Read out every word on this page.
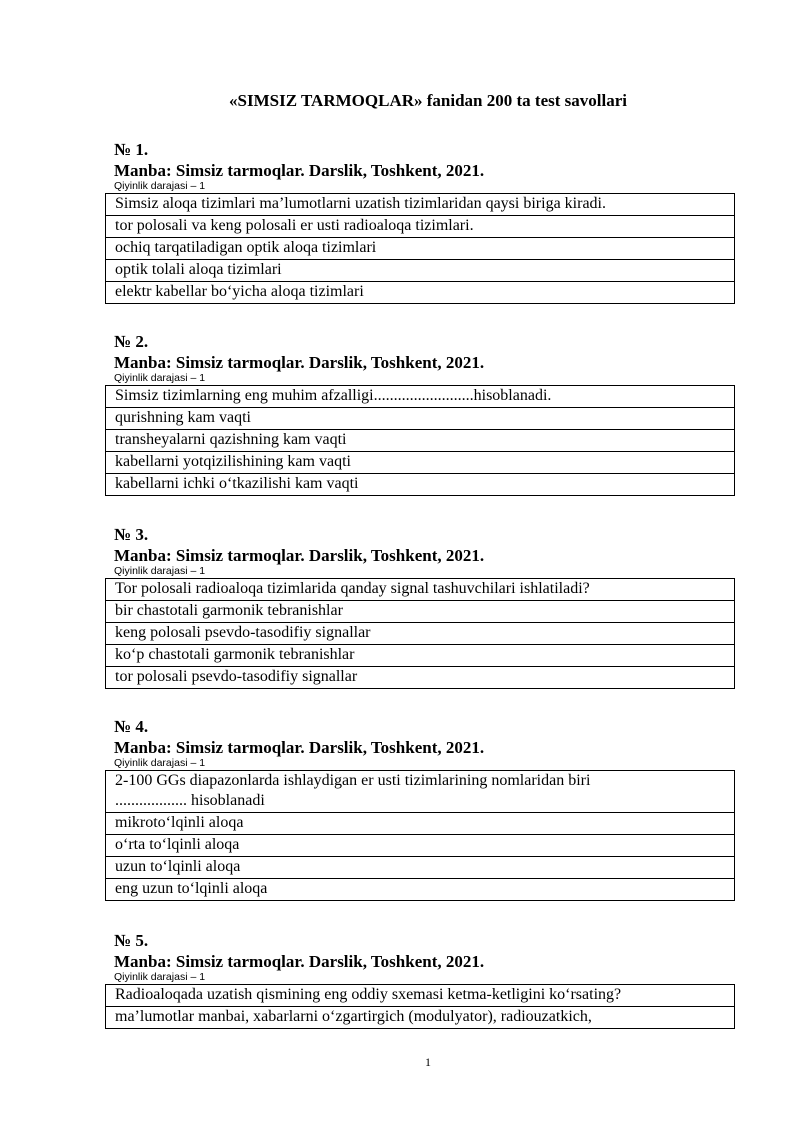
«SIMSIZ TARMOQLAR» fanidan 200 ta test savollari
№ 1.
Manba: Simsiz tarmoqlar. Darslik, Toshkent, 2021.
Qiyinlik darajasi – 1
Simsiz aloqa tizimlari ma’lumotlarni uzatish tizimlaridan qaysi biriga kiradi.
tor polosali va keng polosali er usti radioaloqa tizimlari.
ochiq tarqatiladigan optik aloqa tizimlari
optik tolali aloqa tizimlari
elektr kabellar bo‘yicha aloqa tizimlari
№ 2.
Manba: Simsiz tarmoqlar. Darslik, Toshkent, 2021.
Qiyinlik darajasi – 1
Simsiz tizimlarning eng muhim afzalligi.........................hisoblanadi.
qurishning kam vaqti
transheyalarni qazishning kam vaqti
kabellarni yotqizilishining kam vaqti
kabellarni ichki o‘tkazilishi kam vaqti
№ 3.
Manba: Simsiz tarmoqlar. Darslik, Toshkent, 2021.
Qiyinlik darajasi – 1
Tor polosali radioaloqa tizimlarida qanday signal tashuvchilari ishlatiladi?
bir chastotali garmonik tebranishlar
keng polosali psevdo-tasodifiy signallar
ko‘p chastotali garmonik tebranishlar
tor polosali psevdo-tasodifiy signallar
№ 4.
Manba: Simsiz tarmoqlar. Darslik, Toshkent, 2021.
Qiyinlik darajasi – 1
2-100 GGs diapazonlarda ishlaydigan er usti tizimlarining nomlaridan biri .................. hisoblanadi
mikroto‘lqinli aloqa
o‘rta to‘lqinli aloqa
uzun to‘lqinli aloqa
eng uzun to‘lqinli aloqa
№ 5.
Manba: Simsiz tarmoqlar. Darslik, Toshkent, 2021.
Qiyinlik darajasi – 1
Radioaloqada uzatish qismining eng oddiy sxemasi ketma-ketligini ko‘rsating?
ma’lumotlar manbai, xabarlarni o‘zgartirgich (modulyator), radiouzatkich,
1
